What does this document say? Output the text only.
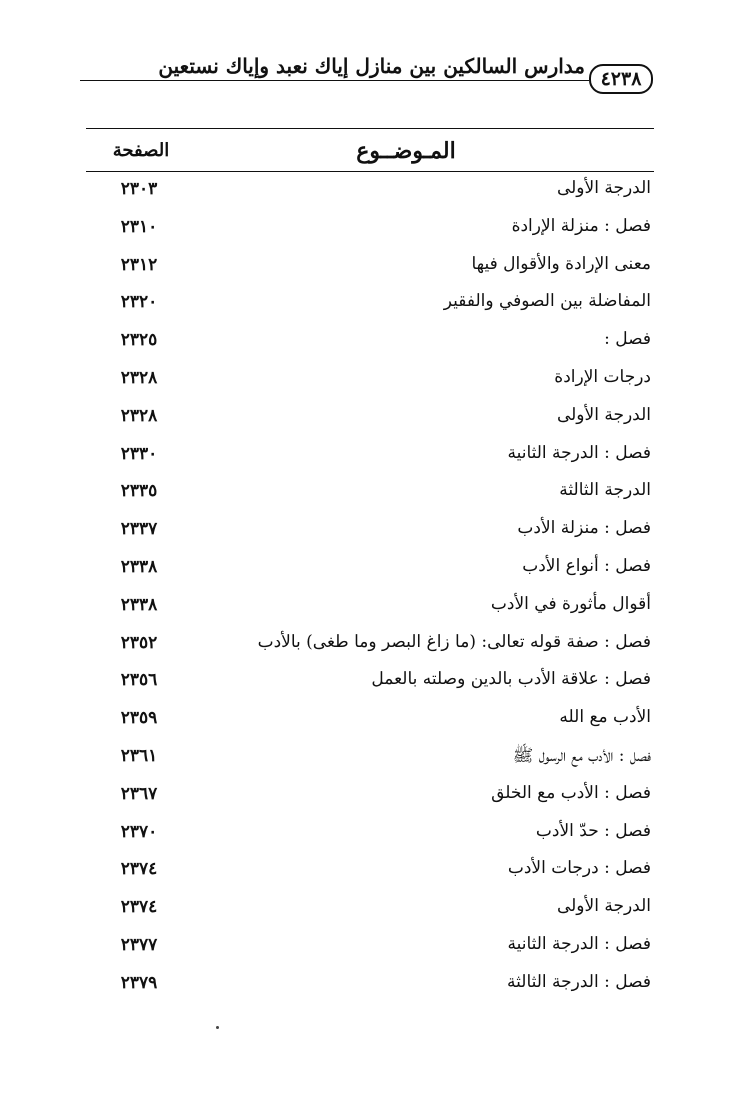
مدارس السالكين بين منازل إياك نعبد وإياك نستعين
٤٢٣٨
المـوضــوع
الصفحة
الدرجة الأولى
٢٣٠٣
فصل : منزلة الإرادة
٢٣١٠
معنى الإرادة والأقوال فيها
٢٣١٢
المفاضلة بين الصوفي والفقير
٢٣٢٠
فصل :
٢٣٢٥
درجات الإرادة
٢٣٢٨
الدرجة الأولى
٢٣٢٨
فصل : الدرجة الثانية
٢٣٣٠
الدرجة الثالثة
٢٣٣٥
فصل : منزلة الأدب
٢٣٣٧
فصل : أنواع الأدب
٢٣٣٨
أقوال مأثورة في الأدب
٢٣٣٨
فصل : صفة قوله تعالى: (ما زاغ البصر وما طغى) بالأدب
٢٣٥٢
فصل : علاقة الأدب بالدين وصلته بالعمل
٢٣٥٦
الأدب مع الله
٢٣٥٩
فصل : الأدب مع الرسول ﷺ
٢٣٦١
فصل : الأدب مع الخلق
٢٣٦٧
فصل : حدّ الأدب
٢٣٧٠
فصل : درجات الأدب
٢٣٧٤
الدرجة الأولى
٢٣٧٤
فصل : الدرجة الثانية
٢٣٧٧
فصل : الدرجة الثالثة
٢٣٧٩
